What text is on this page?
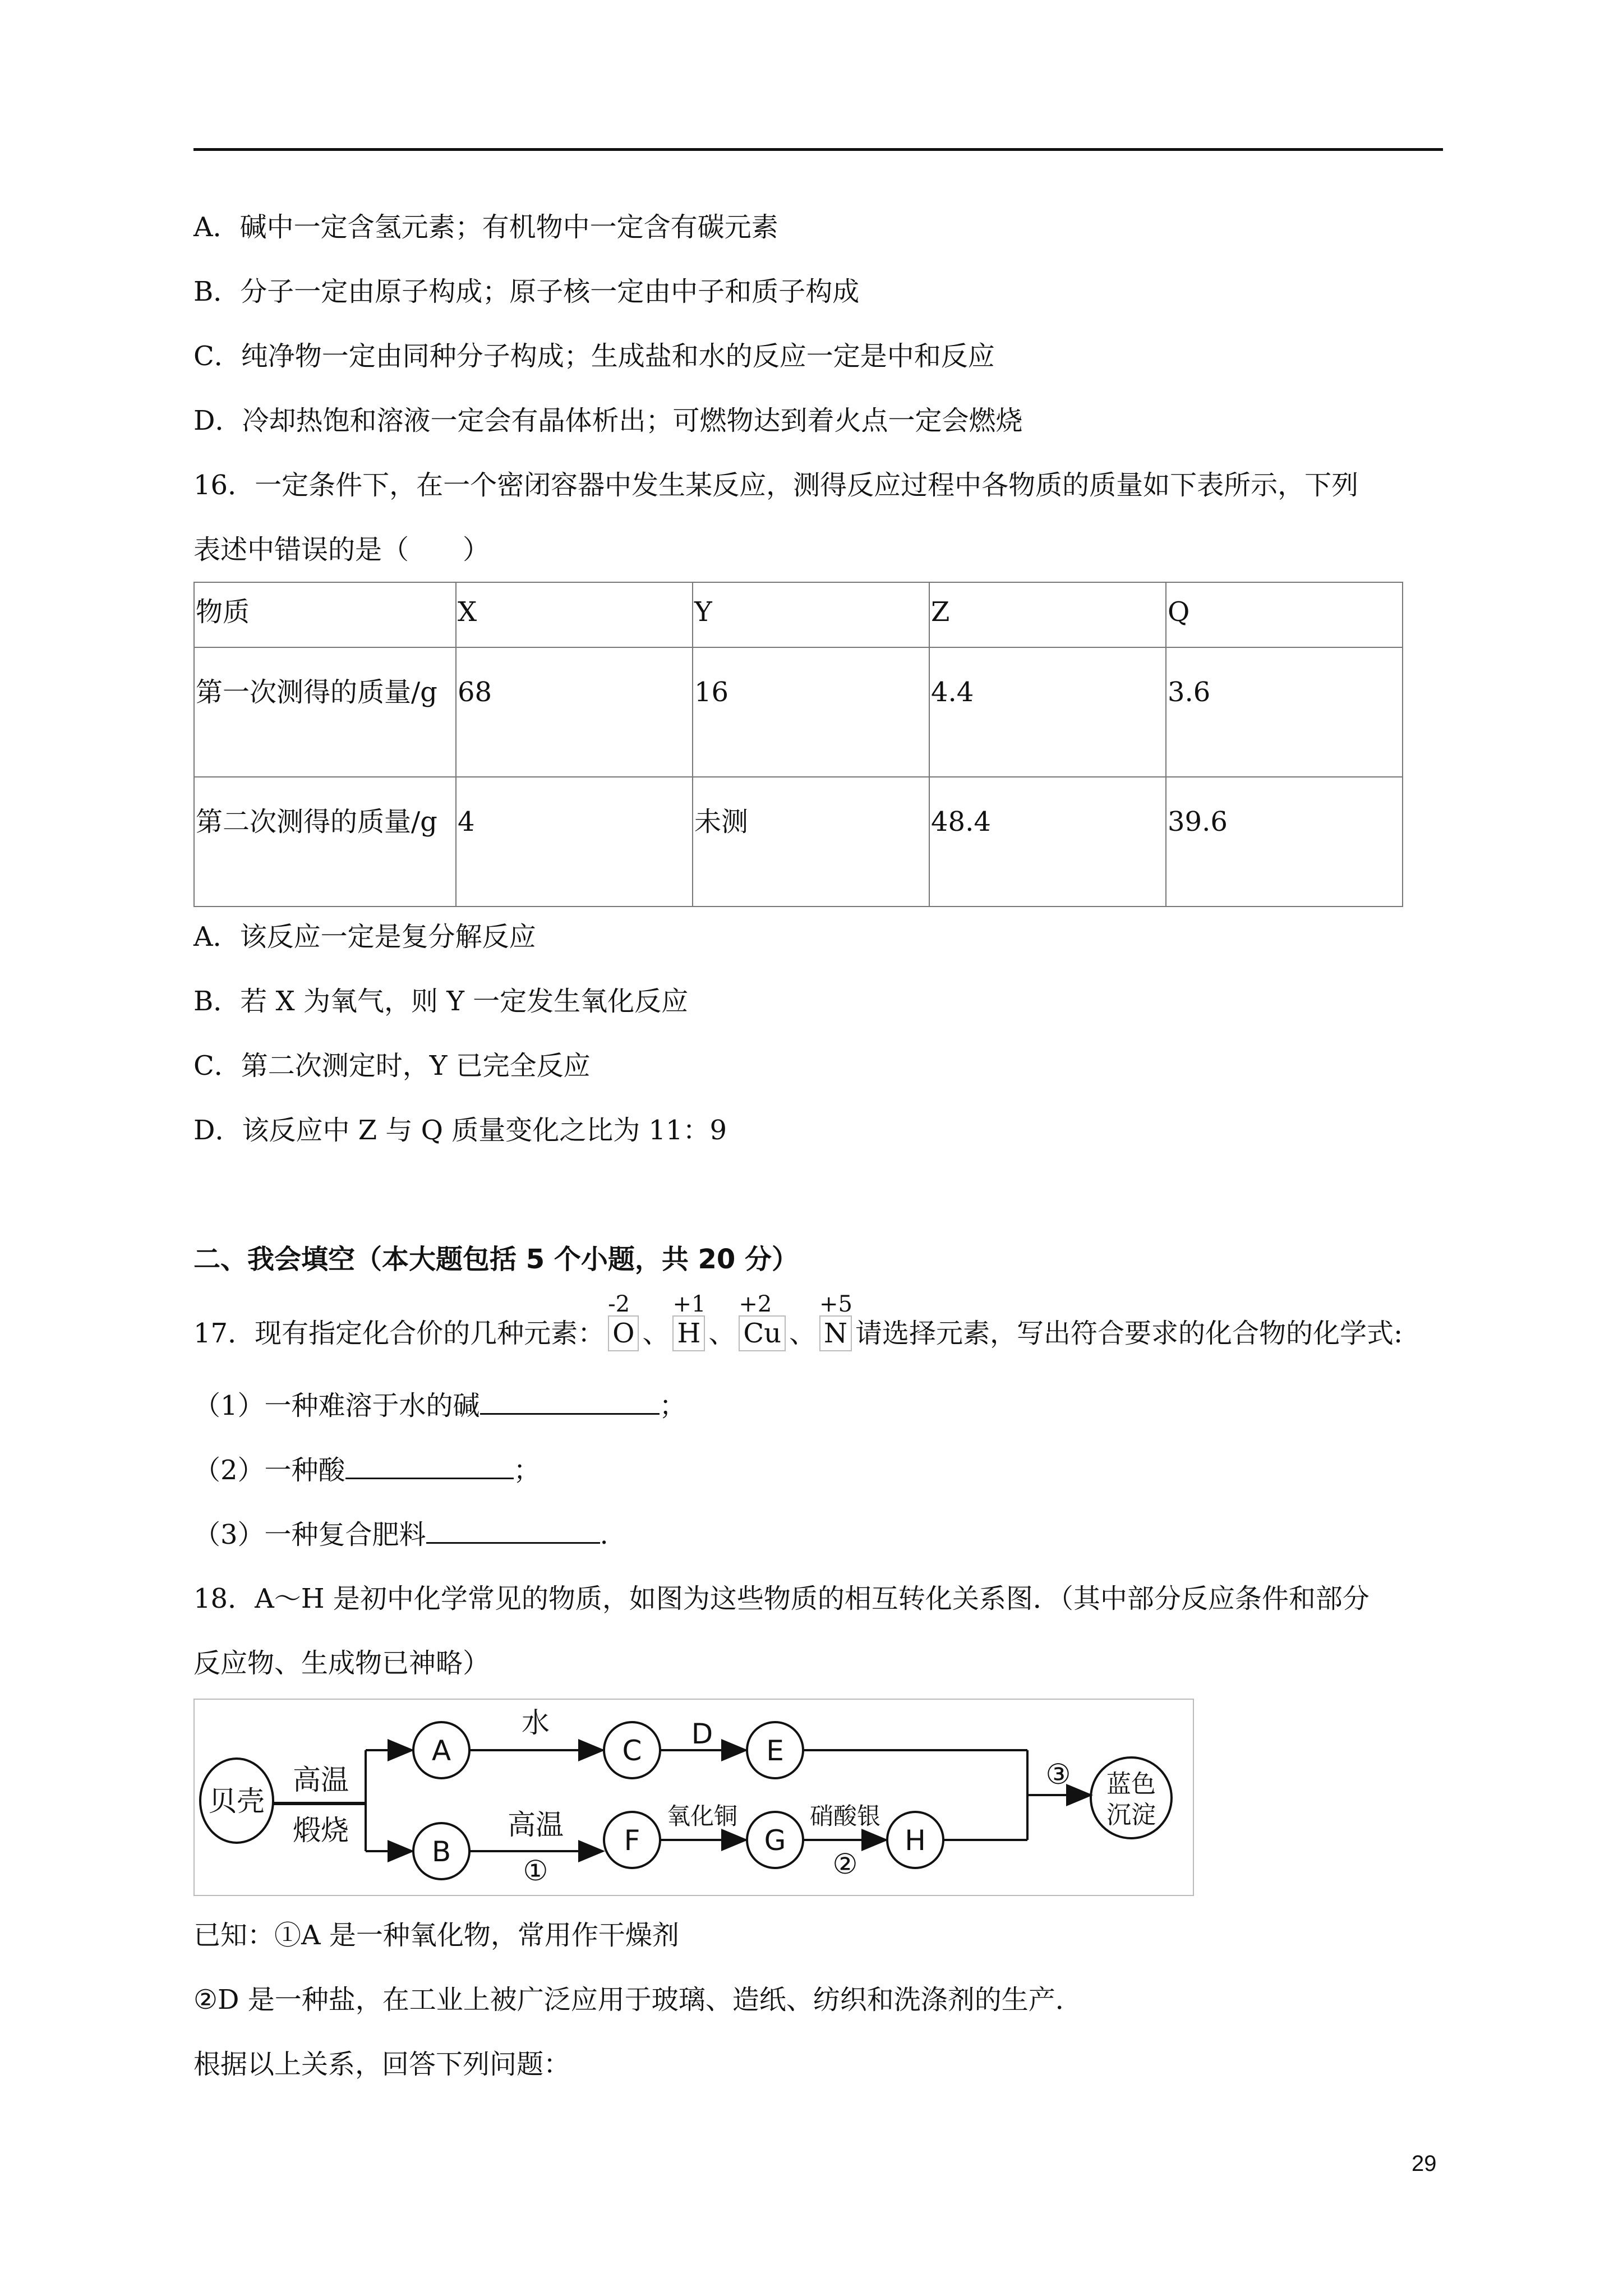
A．碱中一定含氢元素；有机物中一定含有碳元素
B．分子一定由原子构成；原子核一定由中子和质子构成
C．纯净物一定由同种分子构成；生成盐和水的反应一定是中和反应
D．冷却热饱和溶液一定会有晶体析出；可燃物达到着火点一定会燃烧
16．一定条件下，在一个密闭容器中发生某反应，测得反应过程中各物质的质量如下表所示，下列
表述中错误的是（　　）
物质	X	Y	Z	Q
第一次测得的质量/g	68	16	4.4	3.6
第二次测得的质量/g	4	未测	48.4	39.6
A．该反应一定是复分解反应
B．若 X 为氧气，则 Y 一定发生氧化反应
C．第二次测定时，Y 已完全反应
D．该反应中 Z 与 Q 质量变化之比为 11：9
二、我会填空（本大题包括 5 个小题，共 20 分）
17．现有指定化合价的几种元素：
-2
O 、
+1
H 、
+2
Cu 、
+5
N 请选择元素，写出符合要求的化合物的化学式:
（1）一种难溶于水的碱	；
（2）一种酸	；
（3）一种复合肥料	.
18．A～H 是初中化学常见的物质，如图为这些物质的相互转化关系图．（其中部分反应条件和部分
反应物、生成物已神略）
贝壳
高温
煅烧
A
B
C
D
E
F	G	H
水
高温	氧化铜	硝酸银
①	②
③ 蓝色
沉淀
已知：①A 是一种氧化物，常用作干燥剂
②D 是一种盐，在工业上被广泛应用于玻璃、造纸、纺织和洗涤剂的生产．
根据以上关系，回答下列问题：
29
